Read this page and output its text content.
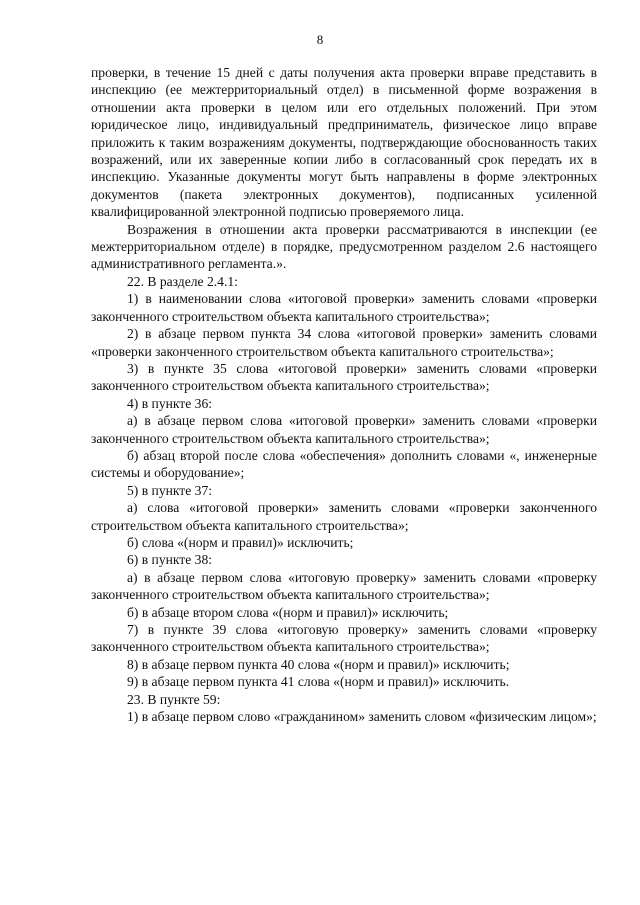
8

проверки, в течение 15 дней с даты получения акта проверки вправе представить в инспекцию (ее межтерриториальный отдел) в письменной форме возражения в отношении акта проверки в целом или его отдельных положений. При этом юридическое лицо, индивидуальный предприниматель, физическое лицо вправе приложить к таким возражениям документы, подтверждающие обоснованность таких возражений, или их заверенные копии либо в согласованный срок передать их в инспекцию. Указанные документы могут быть направлены в форме электронных документов (пакета электронных документов), подписанных усиленной квалифицированной электронной подписью проверяемого лица.

Возражения в отношении акта проверки рассматриваются в инспекции (ее межтерриториальном отделе) в порядке, предусмотренном разделом 2.6 настоящего административного регламента.».

22. В разделе 2.4.1:

1) в наименовании слова «итоговой проверки» заменить словами «проверки законченного строительством объекта капитального строительства»;

2) в абзаце первом пункта 34 слова «итоговой проверки» заменить словами «проверки законченного строительством объекта капитального строительства»;

3) в пункте 35 слова «итоговой проверки» заменить словами «проверки законченного строительством объекта капитального строительства»;

4) в пункте 36:

а) в абзаце первом слова «итоговой проверки» заменить словами «проверки законченного строительством объекта капитального строительства»;

б) абзац второй после слова «обеспечения» дополнить словами «, инженерные системы и оборудование»;

5) в пункте 37:

а) слова «итоговой проверки» заменить словами «проверки законченного строительством объекта капитального строительства»;

б) слова «(норм и правил)» исключить;

6) в пункте 38:

а) в абзаце первом слова «итоговую проверку» заменить словами «проверку законченного строительством объекта капитального строительства»;

б) в абзаце втором слова «(норм и правил)» исключить;

7) в пункте 39 слова «итоговую проверку» заменить словами «проверку законченного строительством объекта капитального строительства»;

8) в абзаце первом пункта 40 слова «(норм и правил)» исключить;

9) в абзаце первом пункта 41 слова «(норм и правил)» исключить.

23. В пункте 59:

1) в абзаце первом слово «гражданином» заменить словом «физическим лицом»;
